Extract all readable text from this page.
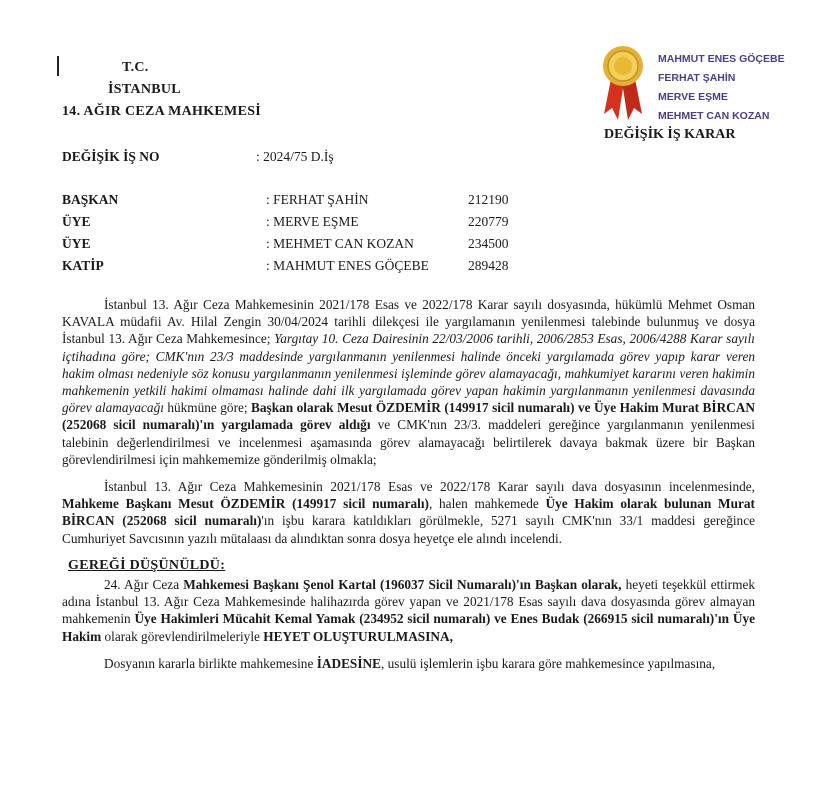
T.C.
İSTANBUL
14. AĞIR CEZA MAHKEMESİ
MAHMUT ENES GÖÇEBE
FERHAT ŞAHİN
MERVE EŞME
MEHMET CAN KOZAN
DEĞİŞİK İŞ KARAR
DEĞİŞİK İŞ NO	: 2024/75 D.İş
BAŞKAN	: FERHAT ŞAHİN	212190
ÜYE	: MERVE EŞME	220779
ÜYE	: MEHMET CAN KOZAN	234500
KATİP	: MAHMUT ENES GÖÇEBE	289428

İstanbul 13. Ağır Ceza Mahkemesinin 2021/178 Esas ve 2022/178 Karar sayılı dosyasında, hükümlü Mehmet Osman KAVALA müdafii Av. Hilal Zengin 30/04/2024 tarihli dilekçesi ile yargılamanın yenilenmesi talebinde bulunmuş ve dosya İstanbul 13. Ağır Ceza Mahkemesince; Yargıtay 10. Ceza Dairesinin 22/03/2006 tarihli, 2006/2853 Esas, 2006/4288 Karar sayılı içtihadına göre; CMK'nın 23/3 maddesinde yargılanmanın yenilenmesi halinde önceki yargılamada görev yapıp karar veren hakim olması nedeniyle söz konusu yargılanmanın yenilenmesi işleminde görev alamayacağı, mahkumiyet kararını veren hakimin mahkemenin yetkili hakimi olmaması halinde dahi ilk yargılamada görev yapan hakimin yargılanmanın yenilenmesi davasında görev alamayacağı hükmüne göre; Başkan olarak Mesut ÖZDEMİR (149917 sicil numaralı) ve Üye Hakim Murat BİRCAN (252068 sicil numaralı)'ın yargılamada görev aldığı ve CMK'nın 23/3. maddeleri gereğince yargılanmanın yenilenmesi talebinin değerlendirilmesi ve incelenmesi aşamasında görev alamayacağı belirtilerek davaya bakmak üzere bir Başkan görevlendirilmesi için mahkememize gönderilmiş olmakla;

İstanbul 13. Ağır Ceza Mahkemesinin 2021/178 Esas ve 2022/178 Karar sayılı dava dosyasının incelenmesinde, Mahkeme Başkanı Mesut ÖZDEMİR (149917 sicil numaralı), halen mahkemede Üye Hakim olarak bulunan Murat BİRCAN (252068 sicil numaralı)'ın işbu karara katıldıkları görülmekle, 5271 sayılı CMK'nın 33/1 maddesi gereğince Cumhuriyet Savcısının yazılı mütalaası da alındıktan sonra dosya heyetçe ele alındı incelendi.

GEREĞİ DÜŞÜNÜLDÜ:

24. Ağır Ceza Mahkemesi Başkanı Şenol Kartal (196037 Sicil Numaralı)'ın Başkan olarak, heyeti teşekkül ettirmek adına İstanbul 13. Ağır Ceza Mahkemesinde halihazırda görev yapan ve 2021/178 Esas sayılı dava dosyasında görev almayan mahkemenin Üye Hakimleri Mücahit Kemal Yamak (234952 sicil numaralı) ve Enes Budak (266915 sicil numaralı)'ın Üye Hakim olarak görevlendirilmeleriyle HEYET OLUŞTURULMASINA,

Dosyanın kararla birlikte mahkemesine İADESİNE, usulü işlemlerin işbu karara göre mahkemesince yapılmasına,
